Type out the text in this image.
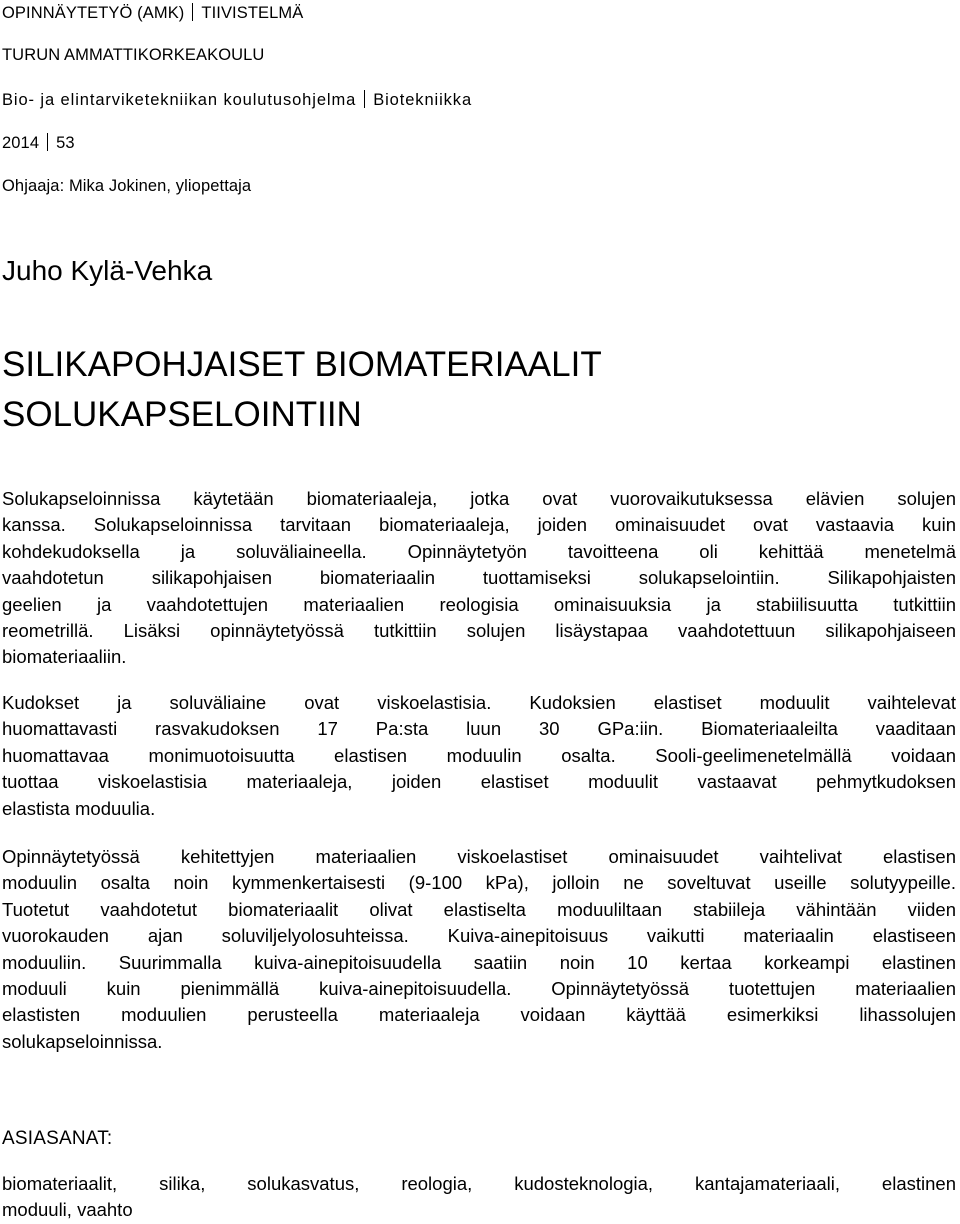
OPINNÄYTETYÖ (AMK) TIIVISTELMÄ
TURUN AMMATTIKORKEAKOULU
Bio- ja elintarviketekniikan koulutusohjelma Biotekniikka
2014 53
Ohjaaja: Mika Jokinen, yliopettaja
Juho Kylä-Vehka
SILIKAPOHJAISET BIOMATERIAALIT
SOLUKAPSELOINTIIN
Solukapseloinnissa käytetään biomateriaaleja, jotka ovat vuorovaikutuksessa elävien solujen
kanssa. Solukapseloinnissa tarvitaan biomateriaaleja, joiden ominaisuudet ovat vastaavia kuin
kohdekudoksella ja soluväliaineella. Opinnäytetyön tavoitteena oli kehittää menetelmä
vaahdotetun silikapohjaisen biomateriaalin tuottamiseksi solukapselointiin. Silikapohjaisten
geelien ja vaahdotettujen materiaalien reologisia ominaisuuksia ja stabiilisuutta tutkittiin
reometrillä. Lisäksi opinnäytetyössä tutkittiin solujen lisäystapaa vaahdotettuun silikapohjaiseen
biomateriaaliin.
Kudokset ja soluväliaine ovat viskoelastisia. Kudoksien elastiset moduulit vaihtelevat
huomattavasti rasvakudoksen 17 Pa:sta luun 30 GPa:iin. Biomateriaaleilta vaaditaan
huomattavaa monimuotoisuutta elastisen moduulin osalta. Sooli-geelimenetelmällä voidaan
tuottaa viskoelastisia materiaaleja, joiden elastiset moduulit vastaavat pehmytkudoksen
elastista moduulia.
Opinnäytetyössä kehitettyjen materiaalien viskoelastiset ominaisuudet vaihtelivat elastisen
moduulin osalta noin kymmenkertaisesti (9-100 kPa), jolloin ne soveltuvat useille solutyypeille.
Tuotetut vaahdotetut biomateriaalit olivat elastiselta moduuliltaan stabiileja vähintään viiden
vuorokauden ajan soluviljelyolosuhteissa. Kuiva-ainepitoisuus vaikutti materiaalin elastiseen
moduuliin. Suurimmalla kuiva-ainepitoisuudella saatiin noin 10 kertaa korkeampi elastinen
moduuli kuin pienimmällä kuiva-ainepitoisuudella. Opinnäytetyössä tuotettujen materiaalien
elastisten moduulien perusteella materiaaleja voidaan käyttää esimerkiksi lihassolujen
solukapseloinnissa.
ASIASANAT:
biomateriaalit, silika, solukasvatus, reologia, kudosteknologia, kantajamateriaali, elastinen
moduuli, vaahto
